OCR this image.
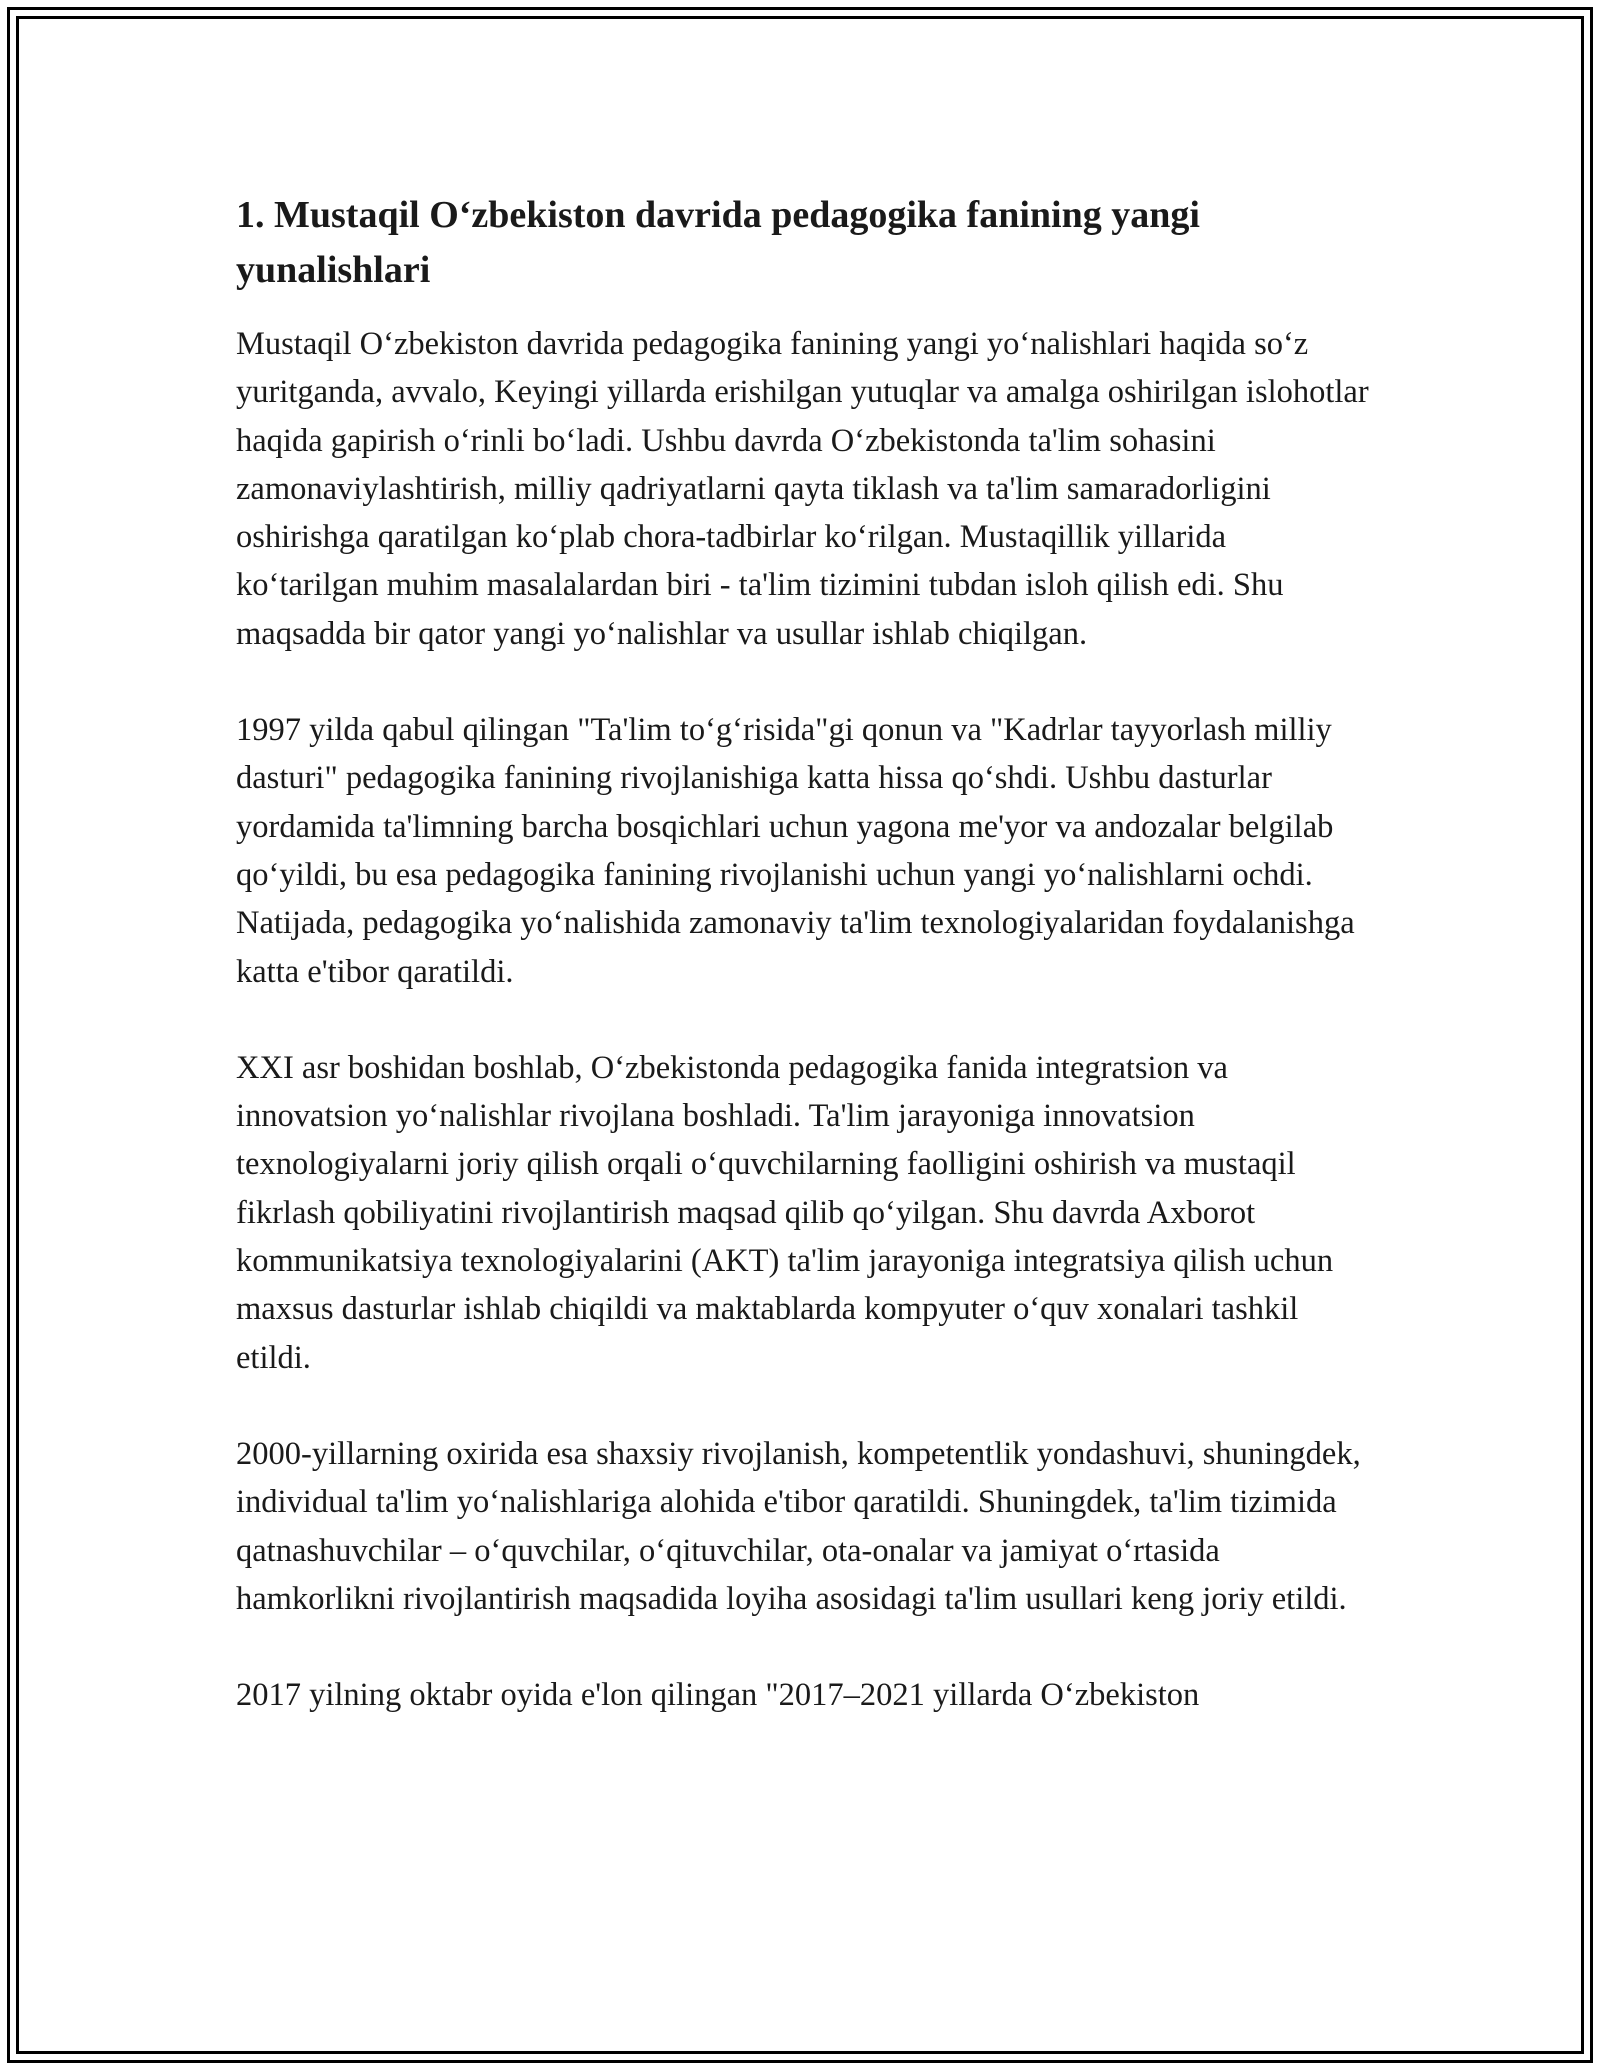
1. Mustaqil O‘zbekiston davrida pedagogika fanining yangi yunalishlari

Mustaqil O‘zbekiston davrida pedagogika fanining yangi yo‘nalishlari haqida so‘z yuritganda, avvalo, Keyingi yillarda erishilgan yutuqlar va amalga oshirilgan islohotlar haqida gapirish o‘rinli bo‘ladi. Ushbu davrda O‘zbekistonda ta'lim sohasini zamonaviylashtirish, milliy qadriyatlarni qayta tiklash va ta'lim samaradorligini oshirishga qaratilgan ko‘plab chora-tadbirlar ko‘rilgan. Mustaqillik yillarida ko‘tarilgan muhim masalalardan biri - ta'lim tizimini tubdan isloh qilish edi. Shu maqsadda bir qator yangi yo‘nalishlar va usullar ishlab chiqilgan.

1997 yilda qabul qilingan "Ta'lim to‘g‘risida"gi qonun va "Kadrlar tayyorlash milliy dasturi" pedagogika fanining rivojlanishiga katta hissa qo‘shdi. Ushbu dasturlar yordamida ta'limning barcha bosqichlari uchun yagona me'yor va andozalar belgilab qo‘yildi, bu esa pedagogika fanining rivojlanishi uchun yangi yo‘nalishlarni ochdi. Natijada, pedagogika yo‘nalishida zamonaviy ta'lim texnologiyalaridan foydalanishga katta e'tibor qaratildi.

XXI asr boshidan boshlab, O‘zbekistonda pedagogika fanida integratsion va innovatsion yo‘nalishlar rivojlana boshladi. Ta'lim jarayoniga innovatsion texnologiyalarni joriy qilish orqali o‘quvchilarning faolligini oshirish va mustaqil fikrlash qobiliyatini rivojlantirish maqsad qilib qo‘yilgan. Shu davrda Axborot kommunikatsiya texnologiyalarini (AKT) ta'lim jarayoniga integratsiya qilish uchun maxsus dasturlar ishlab chiqildi va maktablarda kompyuter o‘quv xonalari tashkil etildi.

2000-yillarning oxirida esa shaxsiy rivojlanish, kompetentlik yondashuvi, shuningdek, individual ta'lim yo‘nalishlariga alohida e'tibor qaratildi. Shuningdek, ta'lim tizimida qatnashuvchilar – o‘quvchilar, o‘qituvchilar, ota-onalar va jamiyat o‘rtasida hamkorlikni rivojlantirish maqsadida loyiha asosidagi ta'lim usullari keng joriy etildi.

2017 yilning oktabr oyida e'lon qilingan "2017–2021 yillarda O‘zbekiston
